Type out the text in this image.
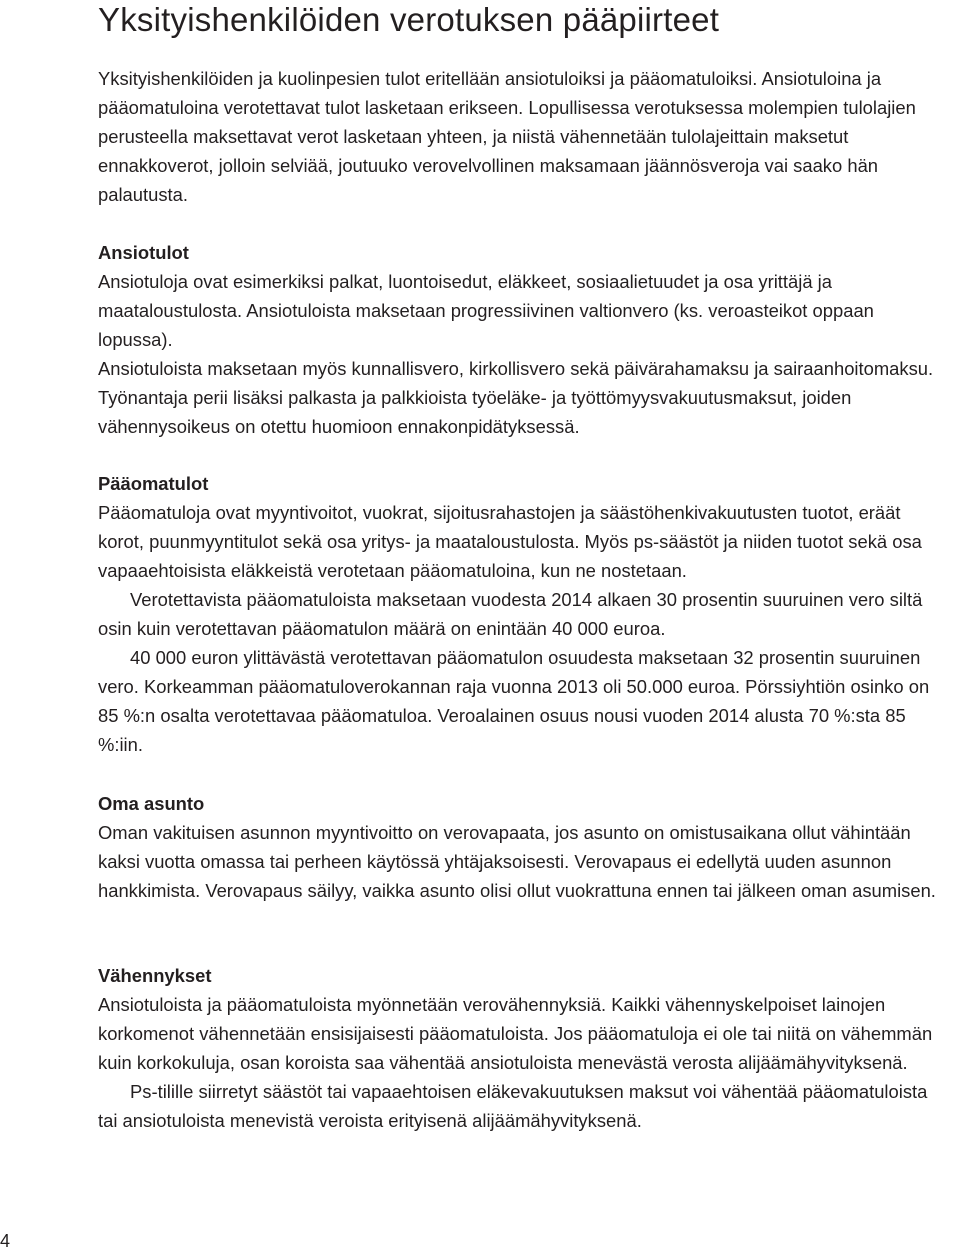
Yksityishenkilöiden verotuksen pääpiirteet

Yksityishenkilöiden ja kuolinpesien tulot eritellään ansiotuloiksi ja pääomatuloiksi. Ansiotuloina ja pääomatuloina verotettavat tulot lasketaan erikseen. Lopullisessa verotuksessa molempien tulolajien perusteella maksettavat verot lasketaan yhteen, ja niistä vähennetään tulolajeittain maksetut ennakkoverot, jolloin selviää, joutuuko verovelvollinen maksamaan jäännösveroja vai saako hän palautusta.

Ansiotulot

Ansiotuloja ovat esimerkiksi palkat, luontoisedut, eläkkeet, sosiaalietuudet ja osa yrittäjä ja maataloustulosta. Ansiotuloista maksetaan progressiivinen valtionvero (ks. veroasteikot oppaan lopussa).

Ansiotuloista maksetaan myös kunnallisvero, kirkollisvero sekä päivärahamaksu ja sairaanhoitomaksu. Työnantaja perii lisäksi palkasta ja palkkioista työeläke- ja työttömyysvakuutusmaksut, joiden vähennysoikeus on otettu huomioon ennakonpidätyksessä.

Pääomatulot

Pääomatuloja ovat myyntivoitot, vuokrat, sijoitusrahastojen ja säästöhenkivakuutusten tuotot, eräät korot, puunmyyntitulot sekä osa yritys- ja maataloustulosta. Myös ps-säästöt ja niiden tuotot sekä osa vapaaehtoisista eläkkeistä verotetaan pääomatuloina, kun ne nostetaan.

Verotettavista pääomatuloista maksetaan vuodesta 2014 alkaen 30 prosentin suuruinen vero siltä osin kuin verotettavan pääomatulon määrä on enintään 40 000 euroa.

40 000 euron ylittävästä verotettavan pääomatulon osuudesta maksetaan 32 prosentin suuruinen vero. Korkeamman pääomatuloverokannan raja vuonna 2013 oli 50.000 euroa. Pörssiyhtiön osinko on 85 %:n osalta verotettavaa pääomatuloa. Veroalainen osuus nousi vuoden 2014 alusta 70 %:sta 85 %:iin.

Oma asunto

Oman vakituisen asunnon myyntivoitto on verovapaata, jos asunto on omistusaikana ollut vähintään kaksi vuotta omassa tai perheen käytössä yhtäjaksoisesti. Verovapaus ei edellytä uuden asunnon hankkimista. Verovapaus säilyy, vaikka asunto olisi ollut vuokrattuna ennen tai jälkeen oman asumisen.

Vähennykset

Ansiotuloista ja pääomatuloista myönnetään verovähennyksiä. Kaikki vähennyskelpoiset lainojen korkomenot vähennetään ensisijaisesti pääomatuloista. Jos pääomatuloja ei ole tai niitä on vähemmän kuin korkokuluja, osan koroista saa vähentää ansiotuloista menevästä verosta alijäämähyvityksenä.

Ps-tilille siirretyt säästöt tai vapaaehtoisen eläkevakuutuksen maksut voi vähentää pääomatuloista tai ansiotuloista menevistä veroista erityisenä alijäämähyvityksenä.

4
